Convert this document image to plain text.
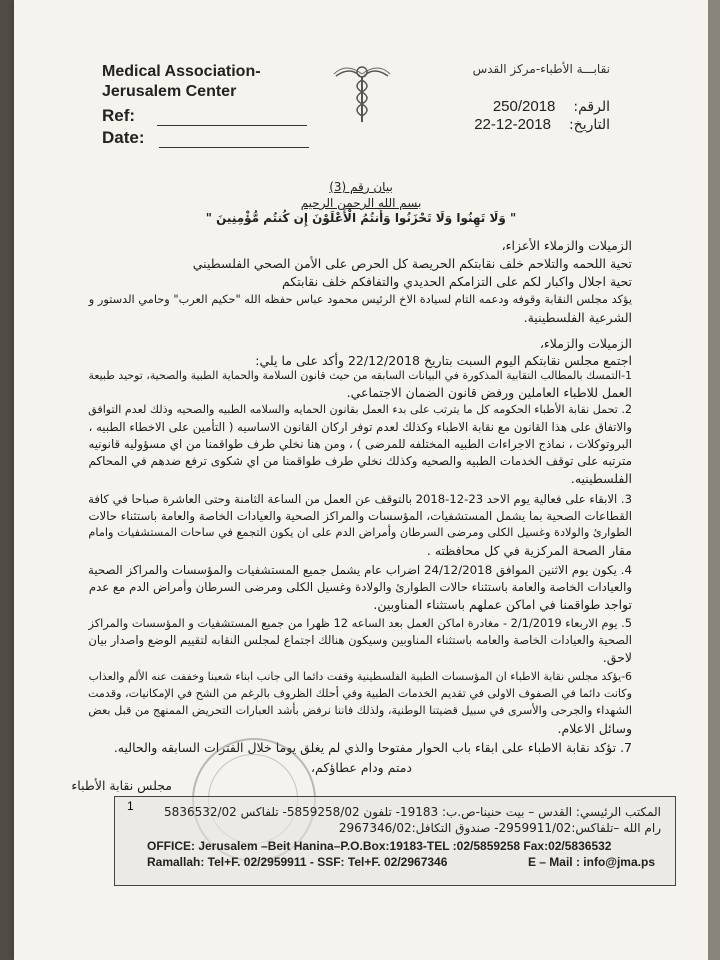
Medical Association-Jerusalem Center
نقابـــة الأطباء-مركز القدس
Ref:
Date:
الرقم:250/2018
التاريخ:2018-12-22
بيان رقم (3)
بسم الله الرحمن الرحيم
" وَلَا تَهِنُوا وَلَا تَحْزَنُوا وَأَنتُمُ الْأَعْلَوْنَ إِن كُنتُم مُّؤْمِنِينَ "
الزميلات والزملاء الأعزاء،
تحية اللحمه والتلاحم خلف نقابتكم الحريصة كل الحرص على الأمن الصحي الفلسطيني
تحية اجلال واكبار لكم على التزامكم الحديدي والتفافكم خلف نقابتكم
يؤكد مجلس النقابة وقوفه ودعمه التام لسيادة الاخ الرئيس محمود عباس حفظه الله "حكيم العرب" وحامي الدستور و
الشرعية الفلسطينية.
الزميلات والزملاء،
اجتمع مجلس نقابتكم اليوم السبت بتاريخ 22/12/2018 وأكد على ما يلي:
1-التمسك بالمطالب النقابية المذكورة في البيانات السابقه من حيث قانون السلامة والحماية الطبية والصحية، توحيد طبيعة
العمل للاطباء العاملين ورفض قانون الضمان الاجتماعي.
2. تحمل نقابة الأطباء الحكومه كل ما يترتب على بدء العمل بقانون الحمايه والسلامه الطبيه والصحيه وذلك لعدم التوافق
والاتفاق على هذا القانون مع نقابة الاطباء وكذلك لعدم توفر اركان القانون الاساسيه ( التأمين على الاخطاء الطبيه ،
البروتوكلات ، نماذج الاجراءات الطبيه المختلفه للمرضى ) ، ومن هنا نخلي طرف طواقمنا من اي مسؤوليه قانونيه
مترتبه على توقف الخدمات الطبيه والصحيه وكذلك نخلي طرف طواقمنا من اي شكوى ترفع ضدهم في المحاكم
الفلسطينيه.
3. الابقاء على فعالية يوم الاحد 23-12-2018 بالتوقف عن العمل من الساعة الثامنة وحتى العاشرة صباحا في كافة
القطاعات الصحية بما يشمل المستشفيات، المؤسسات والمراكز الصحية والعيادات الخاصة والعامة باستثناء حالات
الطوارئ والولادة وغسيل الكلى ومرضى السرطان وأمراض الدم على ان يكون التجمع في ساحات المستشفيات وامام
مقار الصحة المركزية في كل محافظته .
4. يكون يوم الاثنين الموافق 24/12/2018 اضراب عام يشمل جميع المستشفيات والمؤسسات والمراكز الصحية
والعيادات الخاصة والعامة باستثناء حالات الطوارئ والولادة وغسيل الكلى ومرضى السرطان وأمراض الدم مع عدم
تواجد طواقمنا في اماكن عملهم باستثناء المناوبين.
5. يوم الاربعاء 2/1/2019 - مغادرة اماكن العمل بعد الساعه 12 ظهرا من جميع المستشفيات و المؤسسات والمراكز
الصحية والعيادات الخاصة والعامه باستثناء المناوبين وسيكون هنالك اجتماع لمجلس النقابه لتقييم الوضع واصدار بيان
لاحق.
6-يؤكد مجلس نقابة الاطباء ان المؤسسات الطبية الفلسطينية وقفت دائما الى جانب ابناء شعبنا وخففت عنه الألم والعذاب
وكانت دائما في الصفوف الاولى في تقديم الخدمات الطبية وفي أحلك الظروف بالرغم من الشح في الإمكانيات، وقدمت
الشهداء والجرحى والأسرى في سبيل قضيتنا الوطنية، ولذلك فاننا نرفض بأشد العبارات التحريض الممنهج من قبل بعض
وسائل الاعلام.
7. تؤكد نقابة الاطباء على ابقاء باب الحوار مفتوحا والذي لم يغلق يوما خلال الفترات السابقه والحاليه.
دمتم ودام عطاؤكم،
مجلس نقابة الأطباء
1	المكتب الرئيسي: القدس – بيت حنينا-ص.ب: 19183- تلفون 5859258/02- تلفاكس 5836532/02
رام الله –تلفاكس:2959911/02- صندوق التكافل:2967346/02
OFFICE: Jerusalem –Beit Hanina–P.O.Box:19183-TEL :02/5859258 Fax:02/5836532
Ramallah: Tel+F. 02/2959911 - SSF: Tel+F. 02/2967346	E – Mail : info@jma.ps
